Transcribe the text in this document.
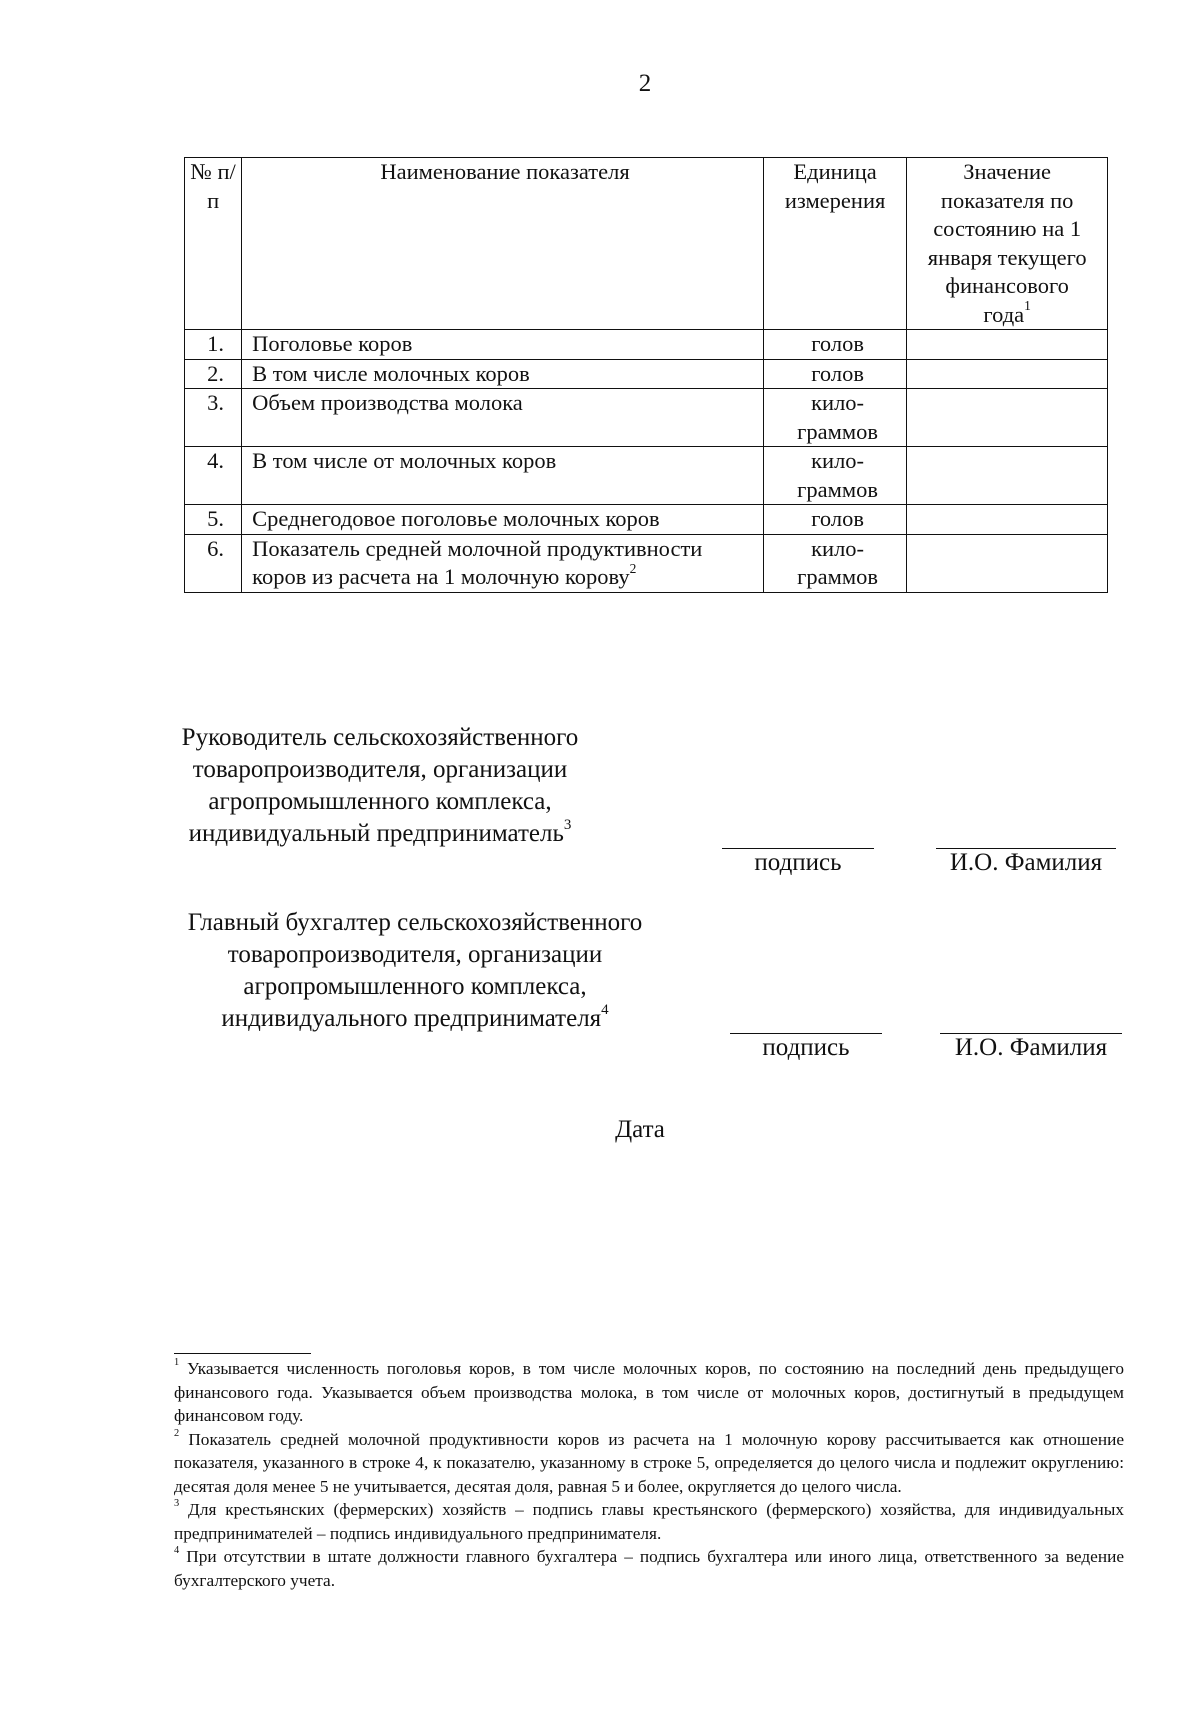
2
№ п/п	Наименование показателя	Единица измерения	Значение показателя по состоянию на 1 января текущего финансового года$^1$
1.	Поголовье коров	голов	
2.	В том числе молочных коров	голов	
3.	Объем производства молока	кило-граммов	
4.	В том числе от молочных коров	кило-граммов	
5.	Среднегодовое поголовье молочных коров	голов	
6.	Показатель средней молочной продуктивности коров из расчета на 1 молочную корову$^2$	кило-граммов	
Руководитель сельскохозяйственного товаропроизводителя, организации агропромышленного комплекса, индивидуальный предприниматель$^3$
подпись	И.О. Фамилия
Главный бухгалтер сельскохозяйственного товаропроизводителя, организации агропромышленного комплекса, индивидуального предпринимателя$^4$
подпись	И.О. Фамилия
Дата

$^1$ Указывается численность поголовья коров, в том числе молочных коров, по состоянию на последний день предыдущего финансового года. Указывается объем производства молока, в том числе от молочных коров, достигнутый в предыдущем финансовом году.

$^2$ Показатель средней молочной продуктивности коров из расчета на 1 молочную корову рассчитывается как отношение показателя, указанного в строке 4, к показателю, указанному в строке 5, определяется до целого числа и подлежит округлению: десятая доля менее 5 не учитывается, десятая доля, равная 5 и более, округляется до целого числа.

$^3$ Для крестьянских (фермерских) хозяйств – подпись главы крестьянского (фермерского) хозяйства, для индивидуальных предпринимателей – подпись индивидуального предпринимателя.

$^4$ При отсутствии в штате должности главного бухгалтера – подпись бухгалтера или иного лица, ответственного за ведение бухгалтерского учета.
